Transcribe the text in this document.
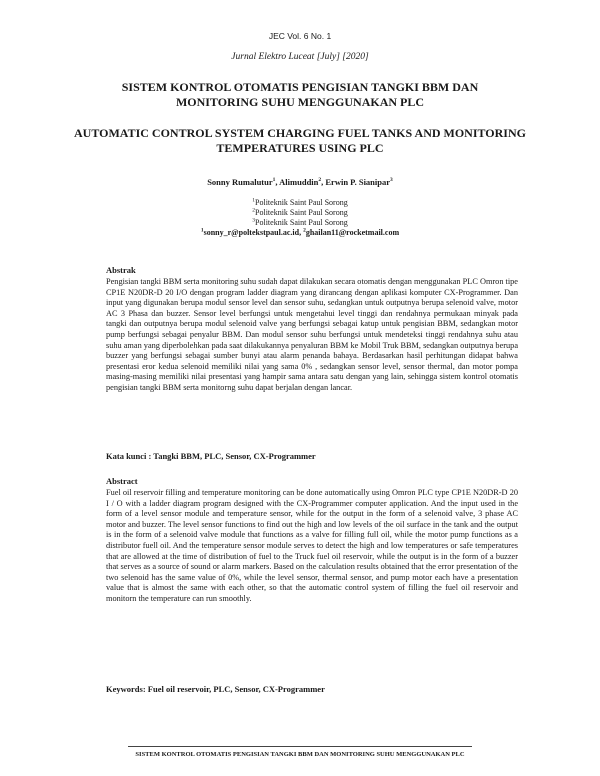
JEC Vol. 6 No. 1
Jurnal Elektro Luceat [July] [2020]
SISTEM KONTROL OTOMATIS PENGISIAN TANGKI BBM DAN MONITORING SUHU MENGGUNAKAN PLC
AUTOMATIC CONTROL SYSTEM CHARGING FUEL TANKS AND MONITORING TEMPERATURES USING PLC
Sonny Rumalutur$^1$, Alimuddin$^2$, Erwin P. Sianipar$^3$
$^1$Politeknik Saint Paul Sorong
$^2$Politeknik Saint Paul Sorong
$^3$Politeknik Saint Paul Sorong
$^1$sonny_r@poltekstpaul.ac.id, $^2$ghailan11@rocketmail.com

Abstrak

Pengisian tangki BBM serta monitoring suhu sudah dapat dilakukan secara otomatis dengan menggunakan PLC Omron tipe CP1E N20DR-D 20 I/O dengan program ladder diagram yang dirancang dengan aplikasi komputer CX-Programmer. Dan input yang digunakan berupa modul sensor level dan sensor suhu, sedangkan untuk outputnya berupa selenoid valve, motor AC 3 Phasa dan buzzer. Sensor level berfungsi untuk mengetahui level tinggi dan rendahnya permukaan minyak pada tangki dan outputnya berupa modul selenoid valve yang berfungsi sebagai katup untuk pengisian BBM, sedangkan motor pump berfungsi sebagai penyalur BBM. Dan modul sensor suhu berfungsi untuk mendeteksi tinggi rendahnya suhu atau suhu aman yang diperbolehkan pada saat dilakukannya penyaluran BBM ke Mobil Truk BBM, sedangkan outputnya berupa buzzer yang berfungsi sebagai sumber bunyi atau alarm penanda bahaya. Berdasarkan hasil perhitungan didapat bahwa presentasi eror kedua selenoid memiliki nilai yang sama 0% , sedangkan sensor level, sensor thermal, dan motor pompa masing-masing memiliki nilai presentasi yang hampir sama antara satu dengan yang lain, sehingga sistem kontrol otomatis pengisian tangki BBM serta monitorng suhu dapat berjalan dengan lancar.

Kata kunci : Tangki BBM, PLC, Sensor, CX-Programmer

Abstract

Fuel oil reservoir filling and temperature monitoring can be done automatically using Omron PLC type CP1E N20DR-D 20 I / O with a ladder diagram program designed with the CX-Programmer computer application. And the input used in the form of a level sensor module and temperature sensor, while for the output in the form of a selenoid valve, 3 phase AC motor and buzzer. The level sensor functions to find out the high and low levels of the oil surface in the tank and the output is in the form of a selenoid valve module that functions as a valve for filling full oil, while the motor pump functions as a distributor fuell oil. And the temperature sensor module serves to detect the high and low temperatures or safe temperatures that are allowed at the time of distribution of fuel to the Truck fuel oil reservoir, while the output is in the form of a buzzer that serves as a source of sound or alarm markers. Based on the calculation results obtained that the error presentation of the two selenoid has the same value of 0%, while the level sensor, thermal sensor, and pump motor each have a presentation value that is almost the same with each other, so that the automatic control system of filling the fuel oil reservoir and monitorn the temperature can run smoothly.

Keywords: Fuel oil reservoir, PLC, Sensor, CX-Programmer
SISTEM KONTROL OTOMATIS PENGISIAN TANGKI BBM DAN MONITORING SUHU MENGGUNAKAN PLC
